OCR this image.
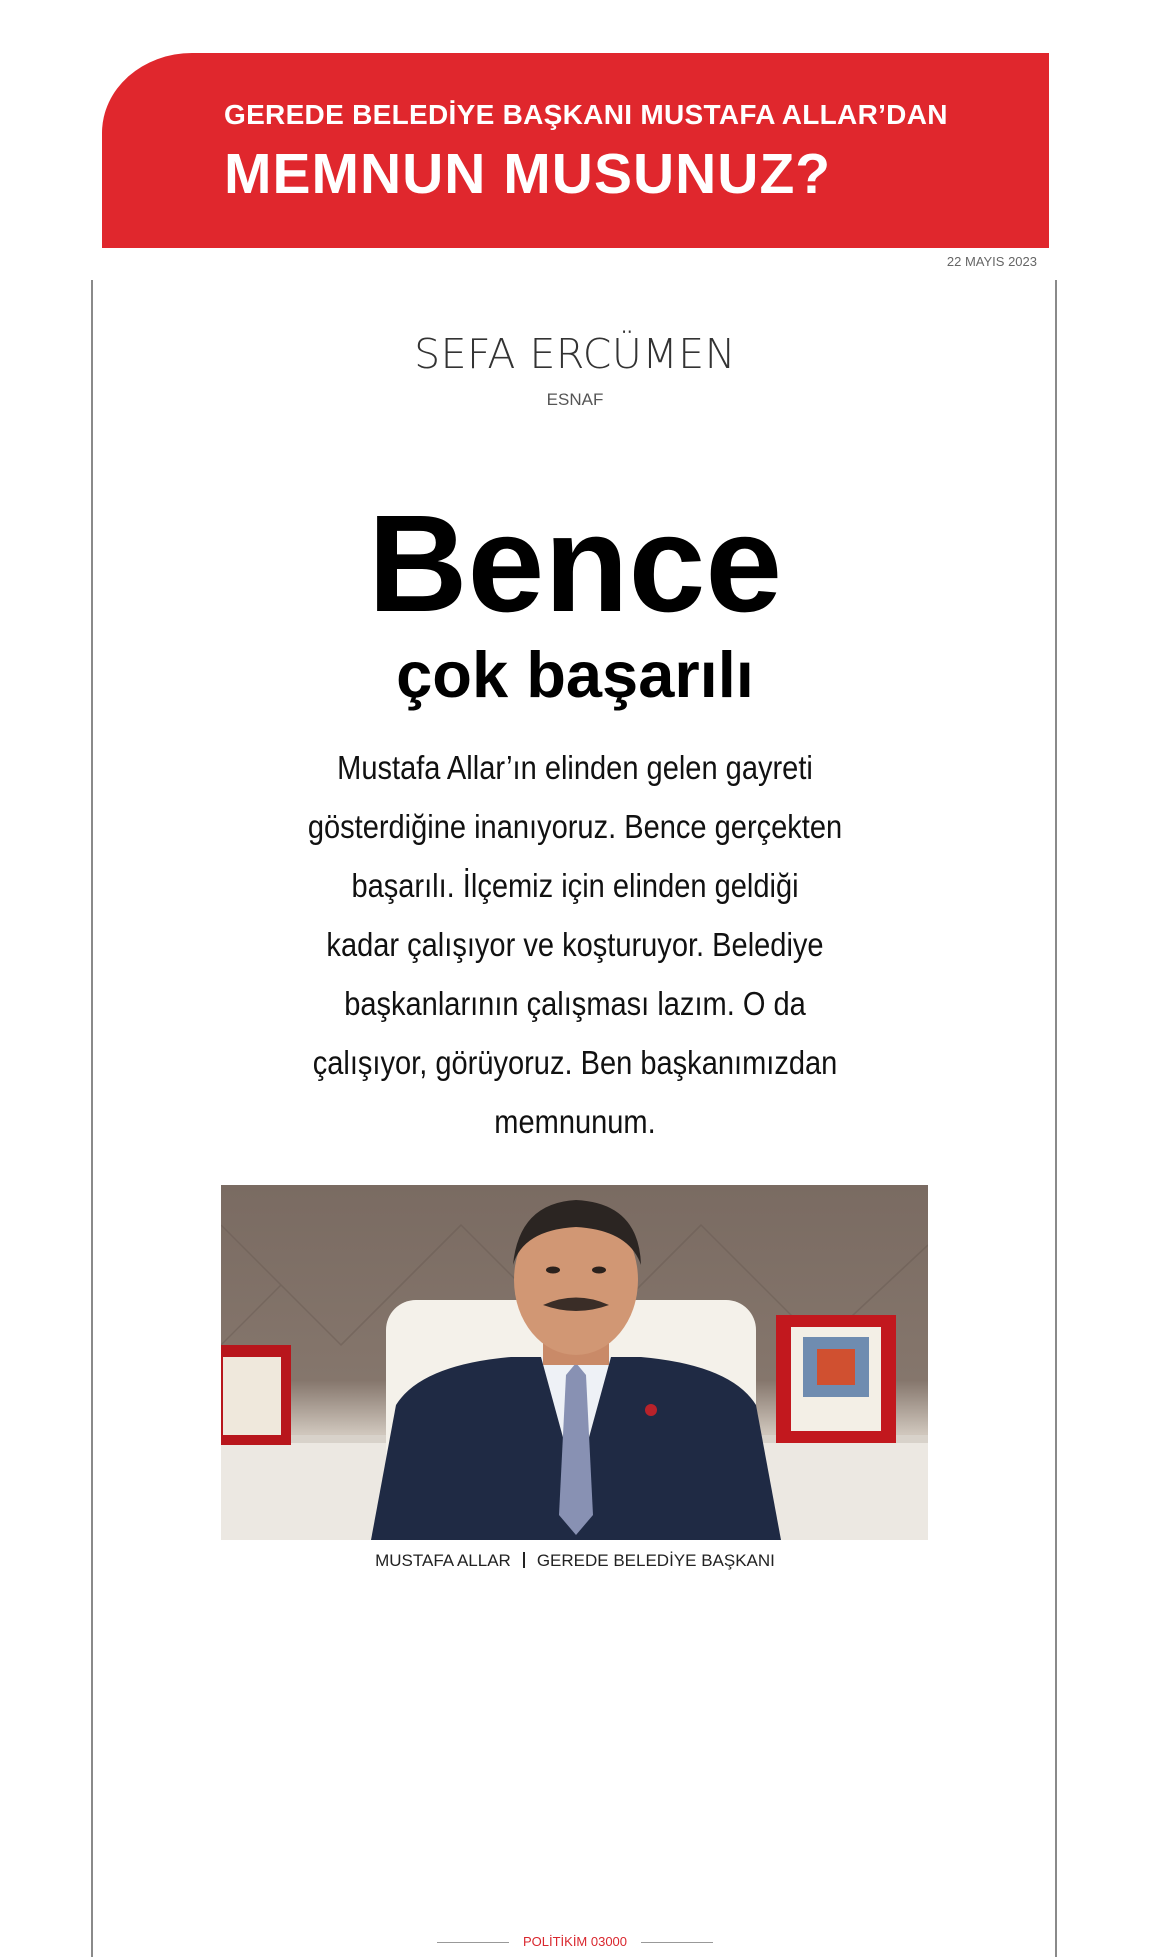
GEREDE BELEDİYE BAŞKANI MUSTAFA ALLAR’DAN
MEMNUN MUSUNUZ?
22 MAYIS 2023
SEFA ERCÜMEN
ESNAF
Bence
çok başarılı
Mustafa Allar’ın elinden gelen gayreti
gösterdiğine inanıyoruz. Bence gerçekten
başarılı. İlçemiz için elinden geldiği
kadar çalışıyor ve koşturuyor. Belediye
başkanlarının çalışması lazım. O da
çalışıyor, görüyoruz. Ben başkanımızdan
memnunum.
MUSTAFA ALLAR GEREDE BELEDİYE BAŞKANI
POLİTİKİM 03000
